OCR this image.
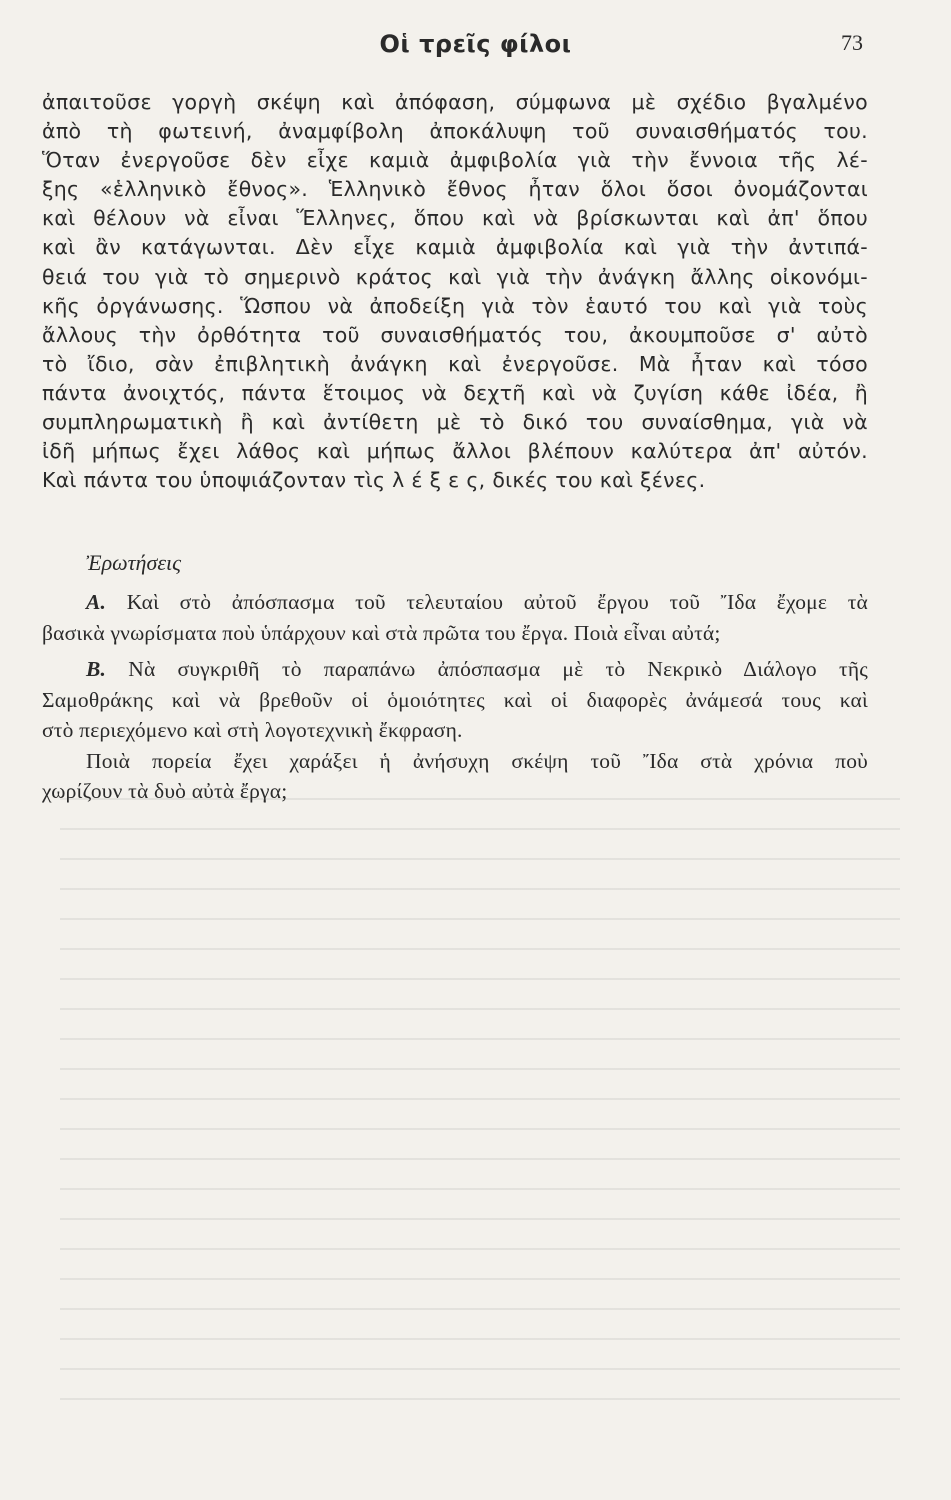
Οἱ τρεῖς φίλοι	73
ἀπαιτοῦσε γοργὴ σκέψη καὶ ἀπόφαση, σύμφωνα μὲ σχέδιο βγαλμένο
ἀπὸ τὴ φωτεινή, ἀναμφίβολη ἀποκάλυψη τοῦ συναισθήματός του.
Ὅταν ἐνεργοῦσε δὲν εἶχε καμιὰ ἀμφιβολία γιὰ τὴν ἔννοια τῆς λέ-
ξης «ἑλληνικὸ ἔθνος». Ἑλληνικὸ ἔθνος ἦταν ὅλοι ὅσοι ὀνομάζονται
καὶ θέλουν νὰ εἶναι Ἕλληνες, ὅπου καὶ νὰ βρίσκωνται καὶ ἀπ' ὅπου
καὶ ἂν κατάγωνται. Δὲν εἶχε καμιὰ ἀμφιβολία καὶ γιὰ τὴν ἀντιπά-
θειά του γιὰ τὸ σημερινὸ κράτος καὶ γιὰ τὴν ἀνάγκη ἄλλης οἰκονόμι-
κῆς ὀργάνωσης. Ὥσπου νὰ ἀποδείξη γιὰ τὸν ἑαυτό του καὶ γιὰ τοὺς
ἄλλους τὴν ὀρθότητα τοῦ συναισθήματός του, ἀκουμποῦσε σ' αὐτὸ
τὸ ἴδιο, σὰν ἐπιβλητικὴ ἀνάγκη καὶ ἐνεργοῦσε. Μὰ ἦταν καὶ τόσο
πάντα ἀνοιχτός, πάντα ἕτοιμος νὰ δεχτῆ καὶ νὰ ζυγίση κάθε ἰδέα, ἢ
συμπληρωματικὴ ἢ καὶ ἀντίθετη μὲ τὸ δικό του συναίσθημα, γιὰ νὰ
ἰδῆ μήπως ἔχει λάθος καὶ μήπως ἄλλοι βλέπουν καλύτερα ἀπ' αὐτόν.
Καὶ πάντα του ὑποψιάζονταν τὶς λ έ ξ ε ς, δικές του καὶ ξένες.
Ἐρωτήσεις
Α. Καὶ στὸ ἀπόσπασμα τοῦ τελευταίου αὐτοῦ ἔργου τοῦ Ἴδα ἔχομε τὰ
βασικὰ γνωρίσματα ποὺ ὑπάρχουν καὶ στὰ πρῶτα του ἔργα. Ποιὰ εἶναι αὐτά;
Β. Νὰ συγκριθῆ τὸ παραπάνω ἀπόσπασμα μὲ τὸ Νεκρικὸ Διάλογο τῆς
Σαμοθράκης καὶ νὰ βρεθοῦν οἱ ὁμοιότητες καὶ οἱ διαφορὲς ἀνάμεσά τους καὶ
στὸ περιεχόμενο καὶ στὴ λογοτεχνικὴ ἔκφραση.
Ποιὰ πορεία ἔχει χαράξει ἡ ἀνήσυχη σκέψη τοῦ Ἴδα στὰ χρόνια ποὺ
χωρίζουν τὰ δυὸ αὐτὰ ἔργα;
